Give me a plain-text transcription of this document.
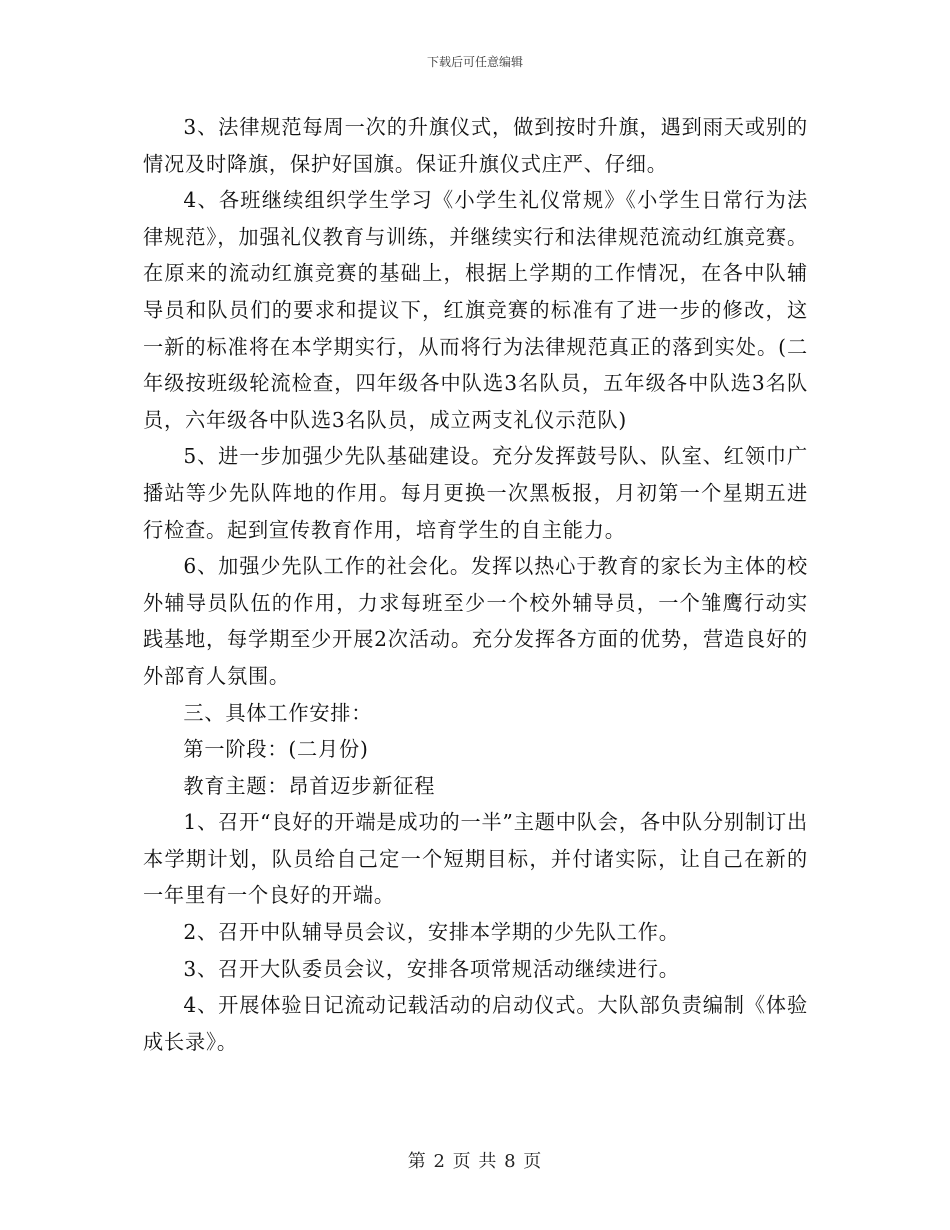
下载后可任意编辑

3、法律规范每周一次的升旗仪式，做到按时升旗，遇到雨天或别的情况及时降旗，保护好国旗。保证升旗仪式庄严、仔细。

4、各班继续组织学生学习《小学生礼仪常规》《小学生日常行为法律规范》，加强礼仪教育与训练，并继续实行和法律规范流动红旗竞赛。在原来的流动红旗竞赛的基础上，根据上学期的工作情况，在各中队辅导员和队员们的要求和提议下，红旗竞赛的标准有了进一步的修改，这一新的标准将在本学期实行，从而将行为法律规范真正的落到实处。(二年级按班级轮流检查，四年级各中队选3名队员，五年级各中队选3名队员，六年级各中队选3名队员，成立两支礼仪示范队)

5、进一步加强少先队基础建设。充分发挥鼓号队、队室、红领巾广播站等少先队阵地的作用。每月更换一次黑板报，月初第一个星期五进行检查。起到宣传教育作用，培育学生的自主能力。

6、加强少先队工作的社会化。发挥以热心于教育的家长为主体的校外辅导员队伍的作用，力求每班至少一个校外辅导员，一个雏鹰行动实践基地，每学期至少开展2次活动。充分发挥各方面的优势，营造良好的外部育人氛围。

三、具体工作安排：

第一阶段：(二月份)

教育主题：昂首迈步新征程

1、召开“良好的开端是成功的一半”主题中队会，各中队分别制订出本学期计划，队员给自己定一个短期目标，并付诸实际，让自己在新的一年里有一个良好的开端。

2、召开中队辅导员会议，安排本学期的少先队工作。

3、召开大队委员会议，安排各项常规活动继续进行。

4、开展体验日记流动记载活动的启动仪式。大队部负责编制《体验成长录》。

第 2 页 共 8 页
